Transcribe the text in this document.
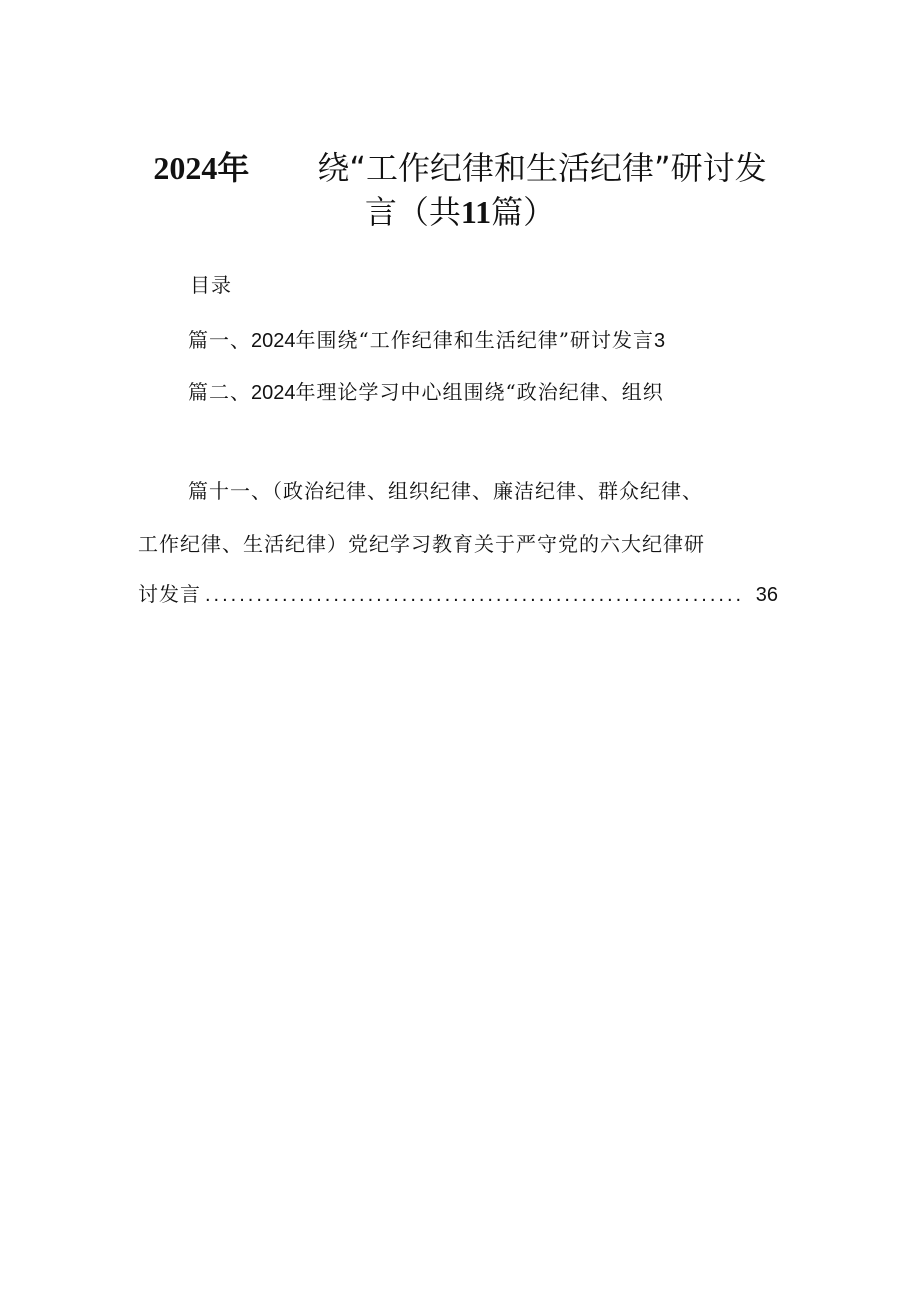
2024年 绕“工作纪律和生活纪律”研讨发
言（共11篇）
目录
篇一、2024年围绕“工作纪律和生活纪律”研讨发言3
篇二、2024年理论学习中心组围绕“政治纪律、组织
篇十一、（政治纪律、组织纪律、廉洁纪律、群众纪律、
工作纪律、生活纪律）党纪学习教育关于严守党的六大纪律研
讨发言 ............................................................... 36
